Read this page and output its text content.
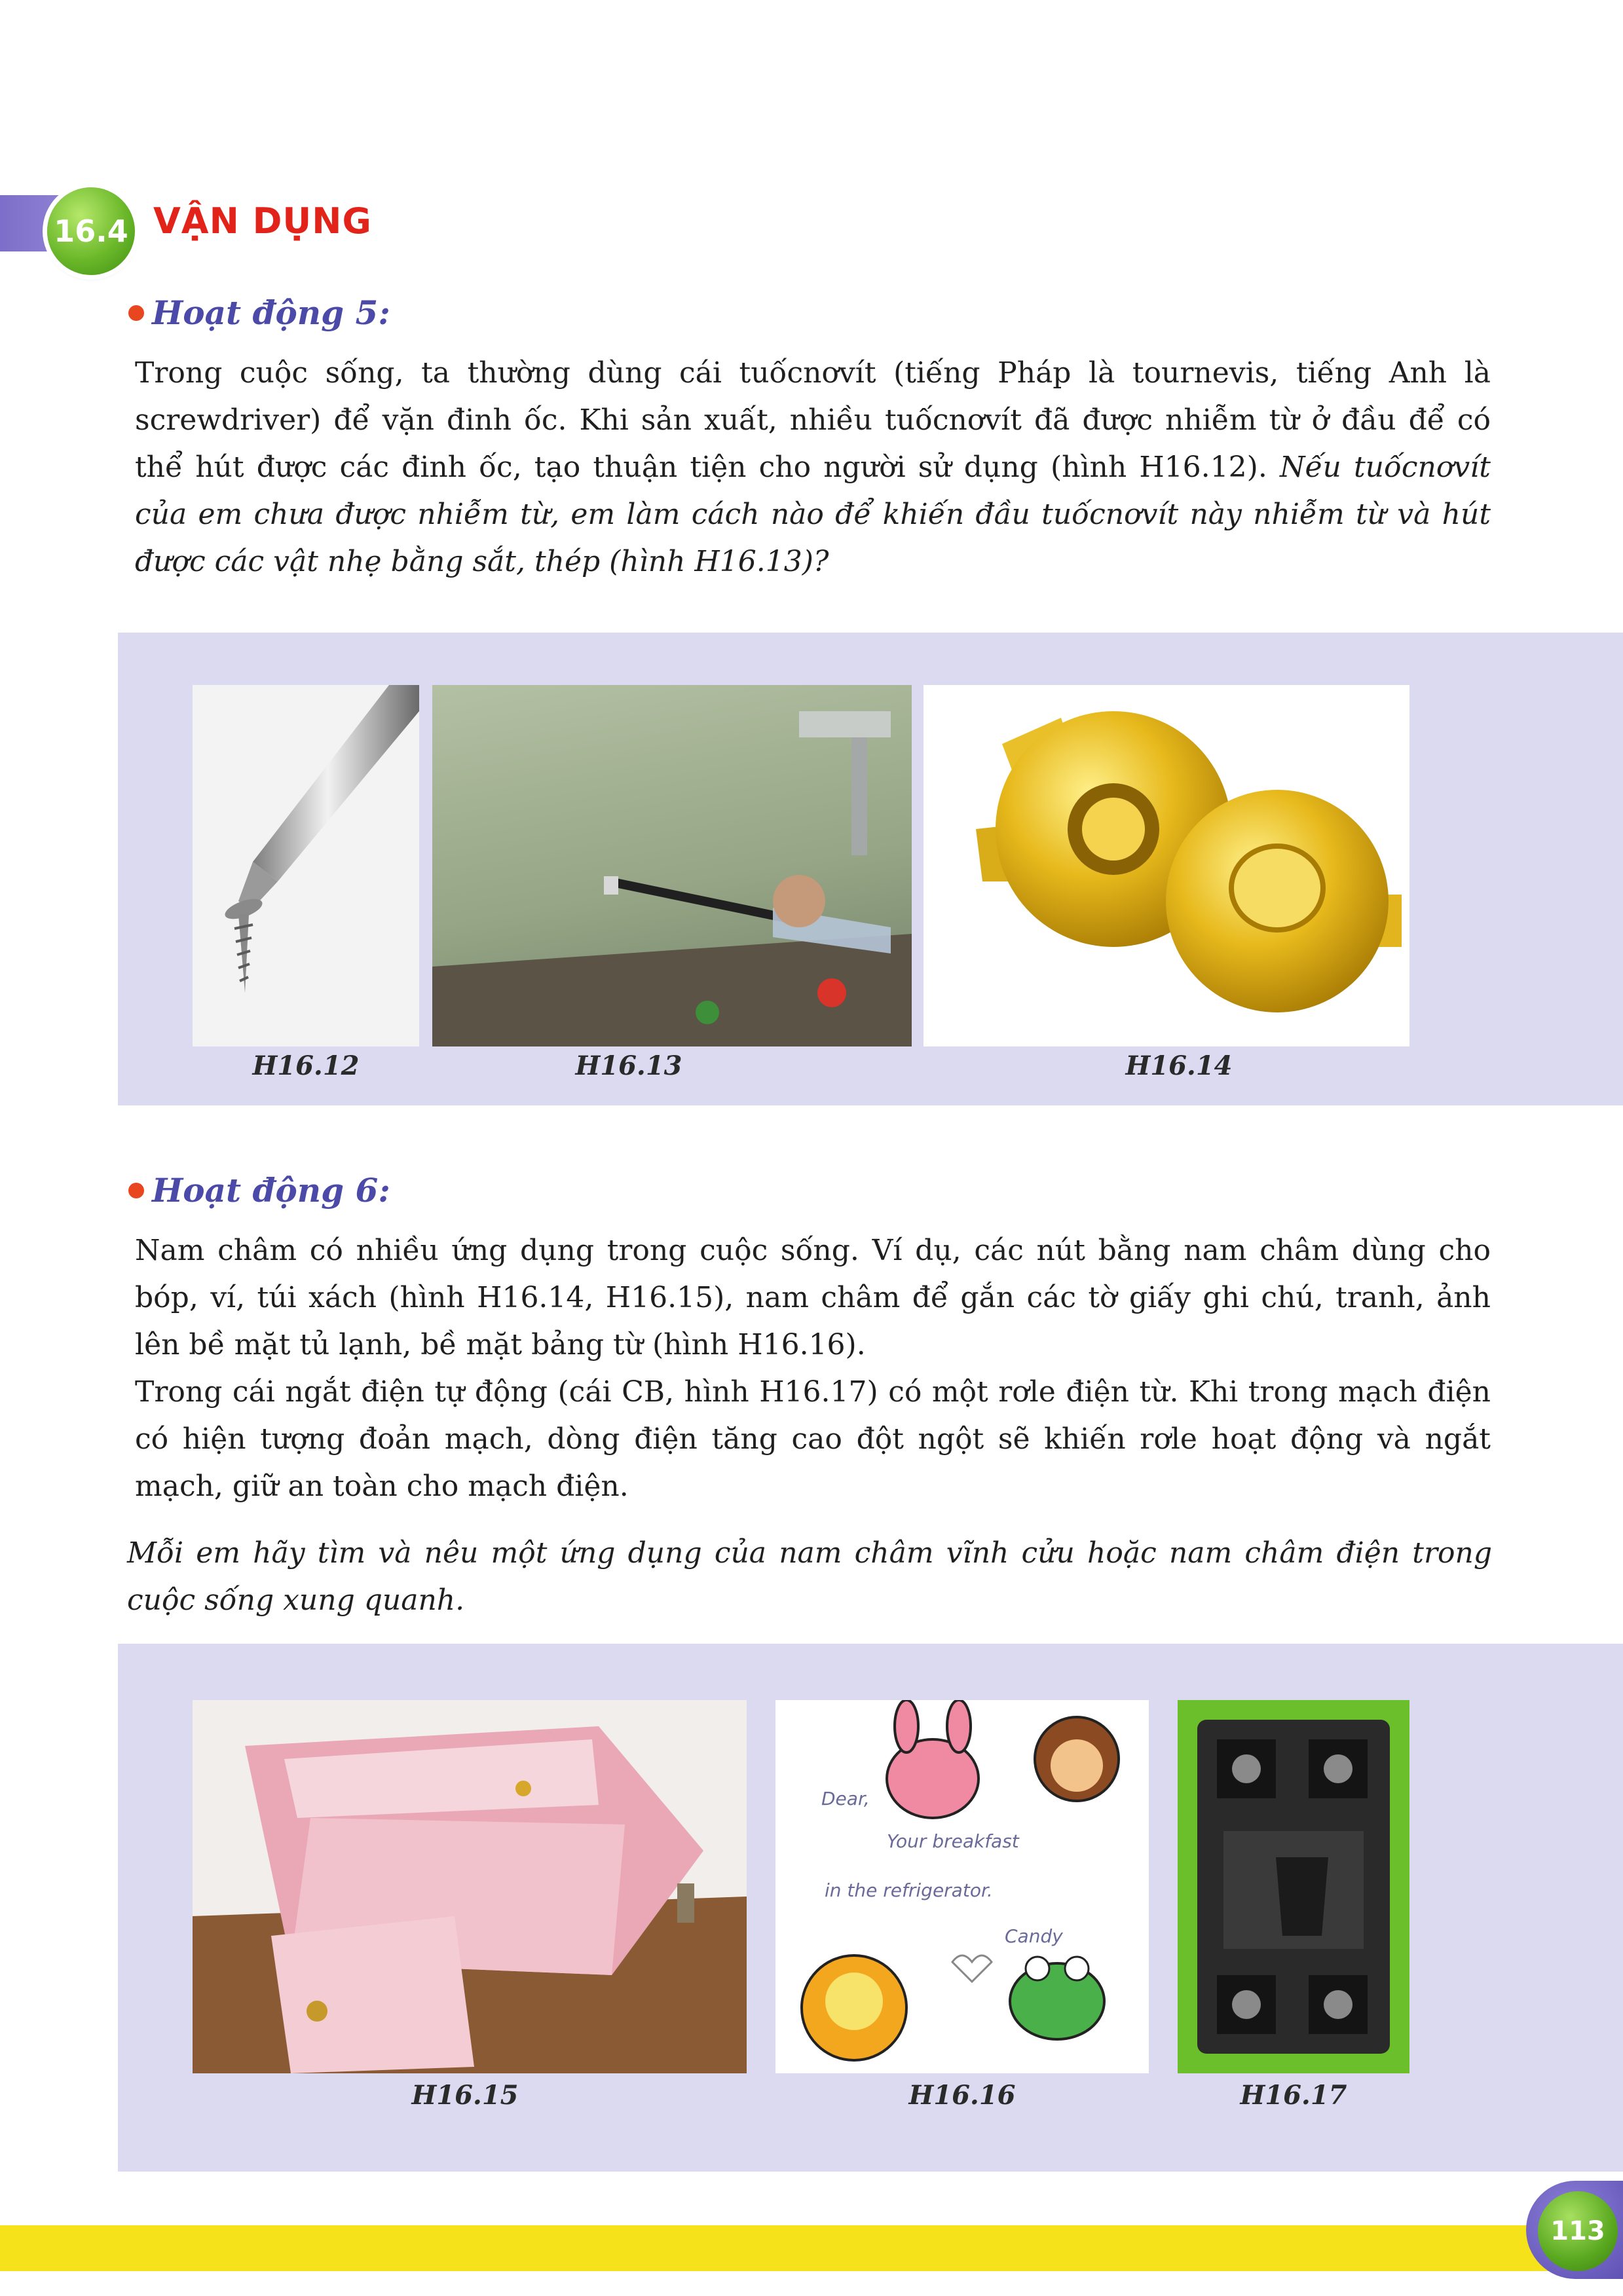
16.4 VẬN DỤNG
Hoạt động 5:
Trong cuộc sống, ta thường dùng cái tuốcnơvít (tiếng Pháp là tournevis, tiếng Anh là screwdriver) để vặn đinh ốc. Khi sản xuất, nhiều tuốcnơvít đã được nhiễm từ ở đầu để có thể hút được các đinh ốc, tạo thuận tiện cho người sử dụng (hình H16.12). Nếu tuốcnơvít của em chưa được nhiễm từ, em làm cách nào để khiến đầu tuốcnơvít này nhiễm từ và hút được các vật nhẹ bằng sắt, thép (hình H16.13)?
H16.12	H16.13	H16.14
Hoạt động 6:
Nam châm có nhiều ứng dụng trong cuộc sống. Ví dụ, các nút bằng nam châm dùng cho bóp, ví, túi xách (hình H16.14, H16.15), nam châm để gắn các tờ giấy ghi chú, tranh, ảnh lên bề mặt tủ lạnh, bề mặt bảng từ (hình H16.16).
Trong cái ngắt điện tự động (cái CB, hình H16.17) có một rơle điện từ. Khi trong mạch điện có hiện tượng đoản mạch, dòng điện tăng cao đột ngột sẽ khiến rơle hoạt động và ngắt mạch, giữ an toàn cho mạch điện.
Mỗi em hãy tìm và nêu một ứng dụng của nam châm vĩnh cửu hoặc nam châm điện trong cuộc sống xung quanh.
H16.15
Dear,
Your breakfast
in the refrigerator.
Candy
H16.16	H16.17
113
